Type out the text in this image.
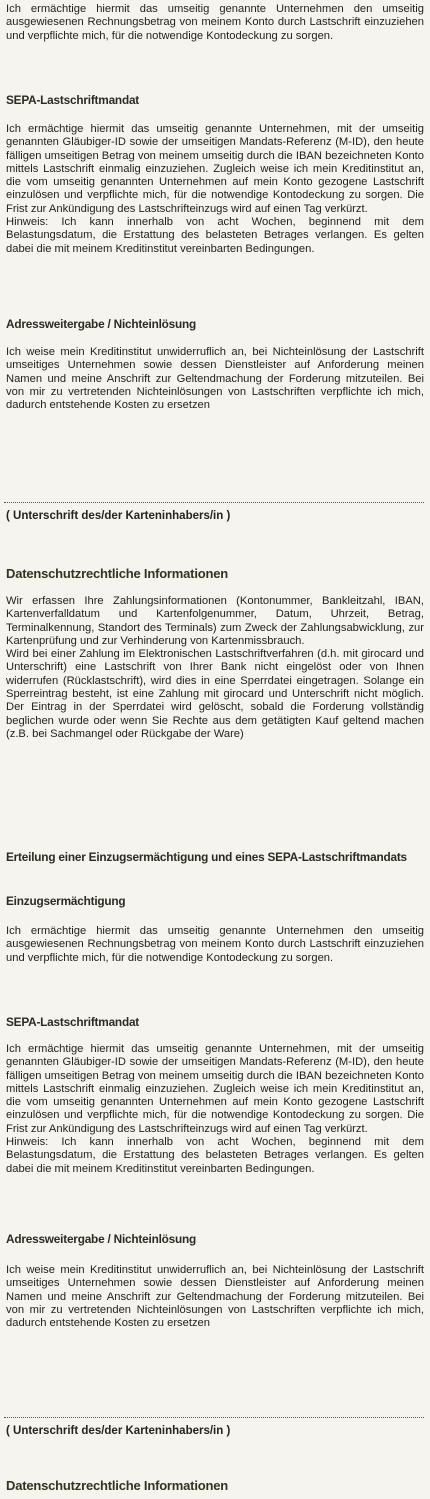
Ich ermächtige hiermit das umseitig genannte Unternehmen den umseitig ausgewiesenen Rechnungsbetrag von meinem Konto durch Lastschrift einzuziehen und verpflichte mich, für die notwendige Kontodeckung zu sorgen.

SEPA-Lastschriftmandat

Ich ermächtige hiermit das umseitig genannte Unternehmen, mit der umseitig genannten Gläubiger-ID sowie der umseitigen Mandats-Referenz (M-ID), den heute fälligen umseitigen Betrag von meinem umseitig durch die IBAN bezeichneten Konto mittels Lastschrift einmalig einzuziehen. Zugleich weise ich mein Kreditinstitut an, die vom umseitig genannten Unternehmen auf mein Konto gezogene Lastschrift einzulösen und verpflichte mich, für die notwendige Kontodeckung zu sorgen. Die Frist zur Ankündigung des Lastschrifteinzugs wird auf einen Tag verkürzt.
Hinweis: Ich kann innerhalb von acht Wochen, beginnend mit dem Belastungsdatum, die Erstattung des belasteten Betrages verlangen. Es gelten dabei die mit meinem Kreditinstitut vereinbarten Bedingungen.

Adressweitergabe / Nichteinlösung

Ich weise mein Kreditinstitut unwiderruflich an, bei Nichteinlösung der Lastschrift umseitiges Unternehmen sowie dessen Dienstleister auf Anforderung meinen Namen und meine Anschrift zur Geltendmachung der Forderung mitzuteilen. Bei von mir zu vertretenden Nichteinlösungen von Lastschriften verpflichte ich mich, dadurch entstehende Kosten zu ersetzen

( Unterschrift des/der Karteninhabers/in )

Datenschutzrechtliche Informationen

Wir erfassen Ihre Zahlungsinformationen (Kontonummer, Bankleitzahl, IBAN, Kartenverfalldatum und Kartenfolgenummer, Datum, Uhrzeit, Betrag, Terminalkennung, Standort des Terminals) zum Zweck der Zahlungsabwicklung, zur Kartenprüfung und zur Verhinderung von Kartenmissbrauch.
Wird bei einer Zahlung im Elektronischen Lastschriftverfahren (d.h. mit girocard und Unterschrift) eine Lastschrift von Ihrer Bank nicht eingelöst oder von Ihnen widerrufen (Rücklastschrift), wird dies in eine Sperrdatei eingetragen. Solange ein Sperreintrag besteht, ist eine Zahlung mit girocard und Unterschrift nicht möglich. Der Eintrag in der Sperrdatei wird gelöscht, sobald die Forderung vollständig beglichen wurde oder wenn Sie Rechte aus dem getätigten Kauf geltend machen (z.B. bei Sachmangel oder Rückgabe der Ware)

Erteilung einer Einzugsermächtigung und eines SEPA-Lastschriftmandats

Einzugsermächtigung

Ich ermächtige hiermit das umseitig genannte Unternehmen den umseitig ausgewiesenen Rechnungsbetrag von meinem Konto durch Lastschrift einzuziehen und verpflichte mich, für die notwendige Kontodeckung zu sorgen.

SEPA-Lastschriftmandat

Ich ermächtige hiermit das umseitig genannte Unternehmen, mit der umseitig genannten Gläubiger-ID sowie der umseitigen Mandats-Referenz (M-ID), den heute fälligen umseitigen Betrag von meinem umseitig durch die IBAN bezeichneten Konto mittels Lastschrift einmalig einzuziehen. Zugleich weise ich mein Kreditinstitut an, die vom umseitig genannten Unternehmen auf mein Konto gezogene Lastschrift einzulösen und verpflichte mich, für die notwendige Kontodeckung zu sorgen. Die Frist zur Ankündigung des Lastschrifteinzugs wird auf einen Tag verkürzt.
Hinweis: Ich kann innerhalb von acht Wochen, beginnend mit dem Belastungsdatum, die Erstattung des belasteten Betrages verlangen. Es gelten dabei die mit meinem Kreditinstitut vereinbarten Bedingungen.

Adressweitergabe / Nichteinlösung

Ich weise mein Kreditinstitut unwiderruflich an, bei Nichteinlösung der Lastschrift umseitiges Unternehmen sowie dessen Dienstleister auf Anforderung meinen Namen und meine Anschrift zur Geltendmachung der Forderung mitzuteilen. Bei von mir zu vertretenden Nichteinlösungen von Lastschriften verpflichte ich mich, dadurch entstehende Kosten zu ersetzen

( Unterschrift des/der Karteninhabers/in )

Datenschutzrechtliche Informationen
